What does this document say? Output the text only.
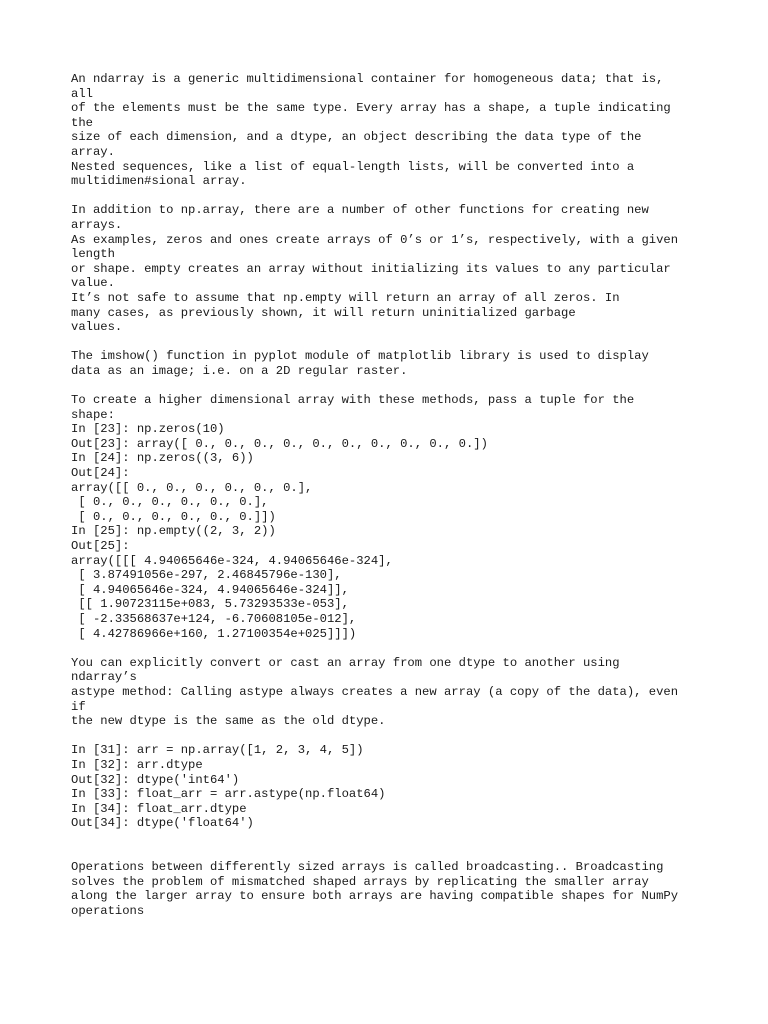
An ndarray is a generic multidimensional container for homogeneous data; that is,
all
of the elements must be the same type. Every array has a shape, a tuple indicating
the
size of each dimension, and a dtype, an object describing the data type of the
array.
Nested sequences, like a list of equal-length lists, will be converted into a
multidimen#sional array.
In addition to np.array, there are a number of other functions for creating new
arrays.
As examples, zeros and ones create arrays of 0’s or 1’s, respectively, with a given
length
or shape. empty creates an array without initializing its values to any particular
value.
It’s not safe to assume that np.empty will return an array of all zeros. In
many cases, as previously shown, it will return uninitialized garbage
values.
The imshow() function in pyplot module of matplotlib library is used to display
data as an image; i.e. on a 2D regular raster.
To create a higher dimensional array with these methods, pass a tuple for the
shape:
In [23]: np.zeros(10)
Out[23]: array([ 0., 0., 0., 0., 0., 0., 0., 0., 0., 0.])
In [24]: np.zeros((3, 6))
Out[24]:
array([[ 0., 0., 0., 0., 0., 0.],
[ 0., 0., 0., 0., 0., 0.],
[ 0., 0., 0., 0., 0., 0.]])
In [25]: np.empty((2, 3, 2))
Out[25]:
array([[[ 4.94065646e-324, 4.94065646e-324],
[ 3.87491056e-297, 2.46845796e-130],
[ 4.94065646e-324, 4.94065646e-324]],
[[ 1.90723115e+083, 5.73293533e-053],
[ -2.33568637e+124, -6.70608105e-012],
[ 4.42786966e+160, 1.27100354e+025]]])
You can explicitly convert or cast an array from one dtype to another using
ndarray’s
astype method: Calling astype always creates a new array (a copy of the data), even
if
the new dtype is the same as the old dtype.
In [31]: arr = np.array([1, 2, 3, 4, 5])
In [32]: arr.dtype
Out[32]: dtype('int64')
In [33]: float_arr = arr.astype(np.float64)
In [34]: float_arr.dtype
Out[34]: dtype('float64')
Operations between differently sized arrays is called broadcasting.. Broadcasting
solves the problem of mismatched shaped arrays by replicating the smaller array
along the larger array to ensure both arrays are having compatible shapes for NumPy
operations
